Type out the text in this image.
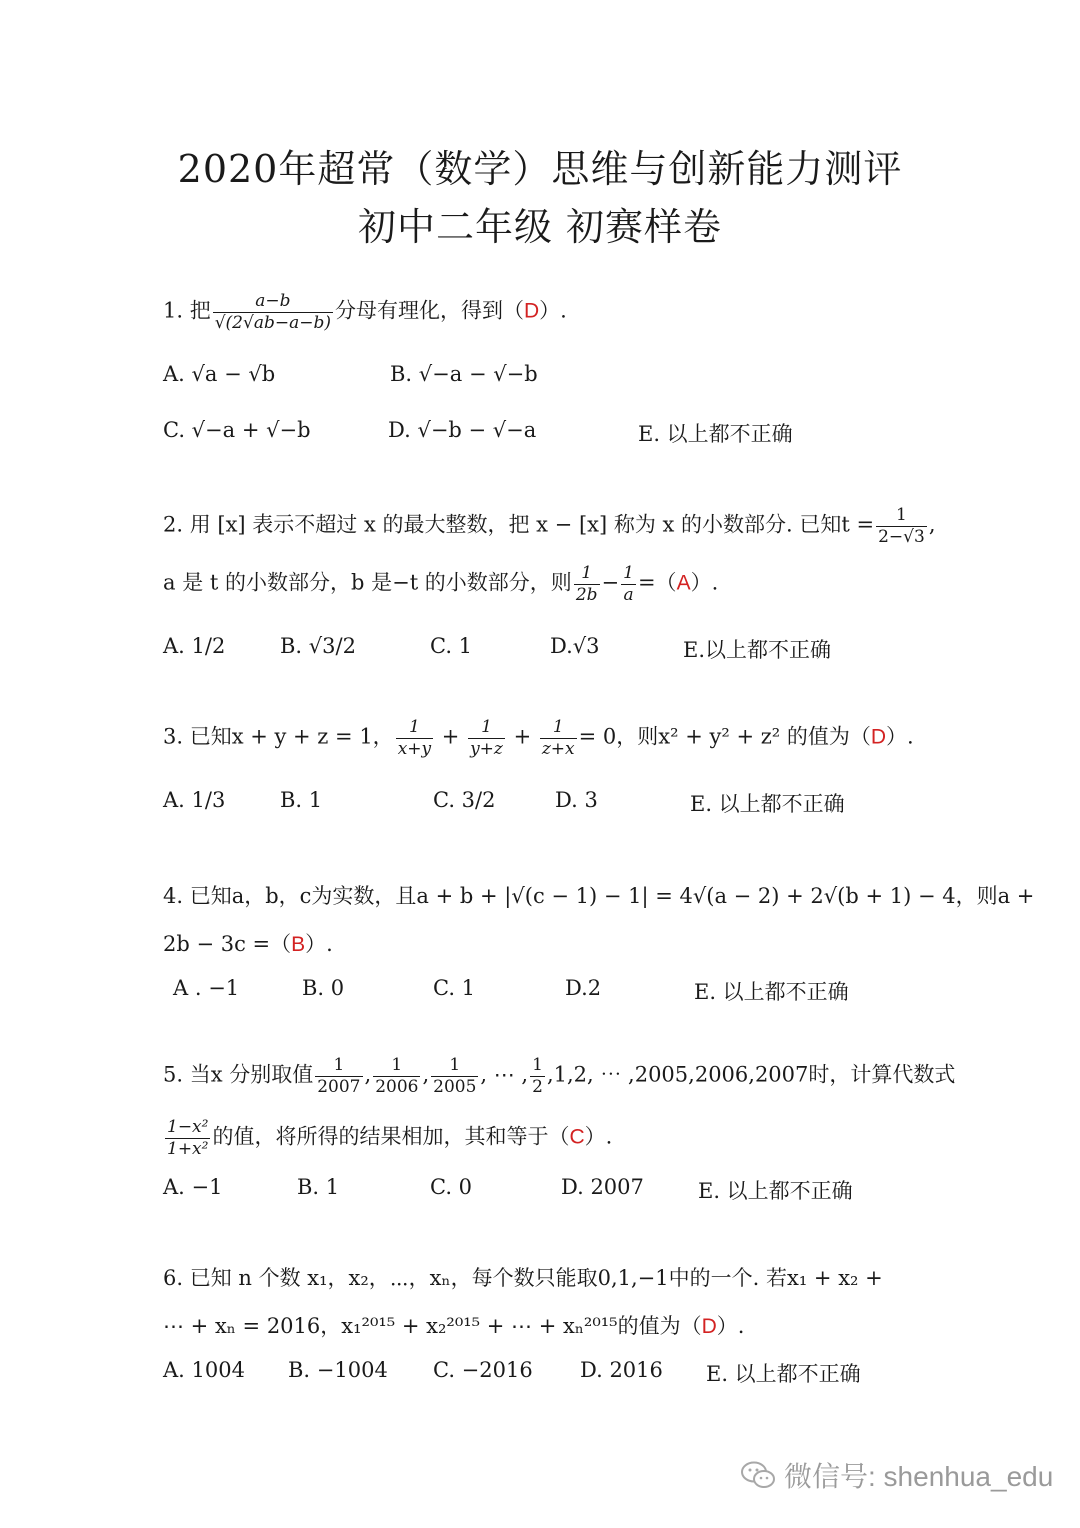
2020年超常（数学）思维与创新能力测评
初中二年级 初赛样卷
1. 把 $\frac{a-b}{√(2√ab-a-b)}$ 分母有理化，得到（D）.
A. √a − √b	B. √−a − √−b
C. √−a + √−b	D. √−b − √−a	E. 以上都不正确
2. 用 [x] 表示不超过 x 的最大整数，把 x − [x] 称为 x 的小数部分. 已知$t = \frac{1}{2-√3}$ ,
a 是 t 的小数部分，b 是−t 的小数部分，则 $\frac{1}{2b} - \frac{1}{a} =(A)$.
A. 1/2	B. √3/2	C. 1	D.√3	E.以上都不正确
3. 已知x + y + z = 1， $\frac{1}{x+y} + \frac{1}{y+z} + \frac{1}{z+x} = 0$，则x² + y² + z² 的值为（D）.
A. 1/3	B. 1	C. 3/2	D. 3	E. 以上都不正确
4. 已知a，b，c为实数，且a + b + |√(c − 1) − 1| = 4√(a − 2) + 2√(b + 1) − 4，则a +
2b − 3c =（B）.
A . −1	B. 0	C. 1	D.2	E. 以上都不正确
5. 当x 分别取值 $\frac{1}{2007}$ , $\frac{1}{2006}$ , $\frac{1}{2005}$ , ⋯ , $\frac{1}{2} ,1,2$, ⋯ ,2005,2006,2007时，计算代数式
$\frac{\text{1−x²}}{\text{1+x²}}$ 的值，将所得的结果相加，其和等于（C）.
A. −1	B. 1	C. 0	D. 2007	E. 以上都不正确
6. 已知 n 个数 x₁，x₂，⋯，xₙ，每个数只能取0,1,−1中的一个. 若x₁ + x₂ +
⋯ + xₙ = 2016，x₁²⁰¹⁵ + x₂²⁰¹⁵ + ⋯ + xₙ²⁰¹⁵的值为（D）.
A. 1004 B. −1004 C. −2016 D. 2016 E. 以上都不正确
微信号: shenhua_edu
